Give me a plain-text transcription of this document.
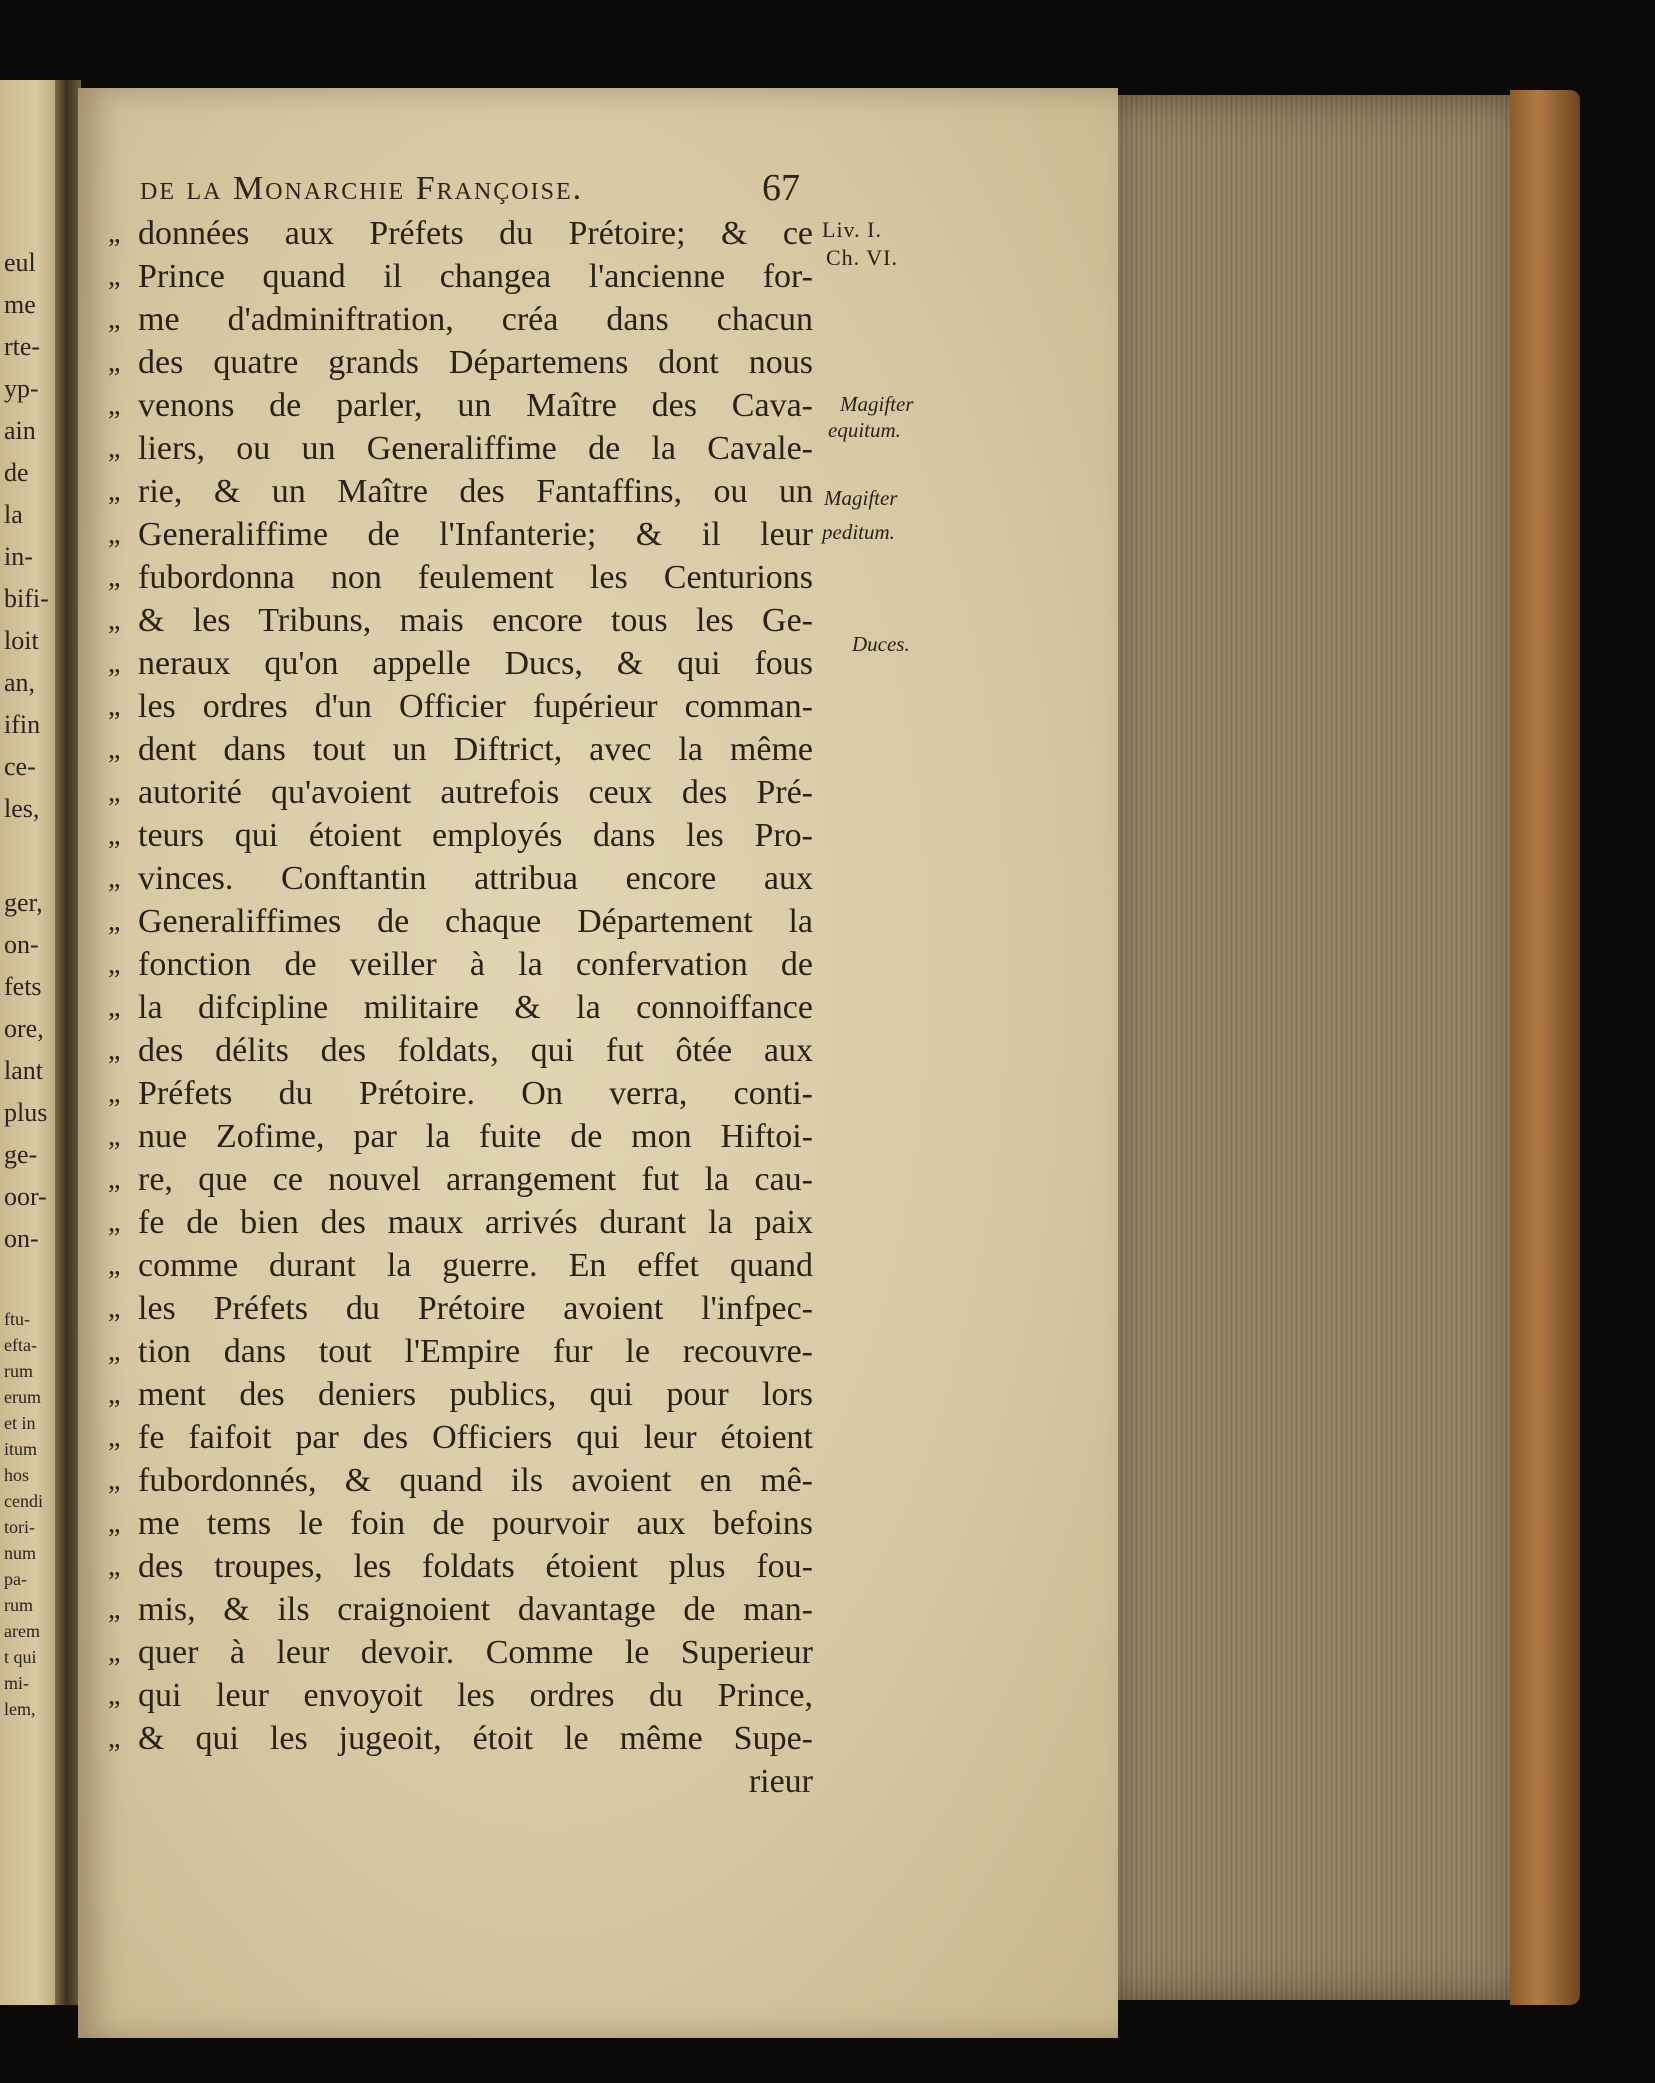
eul
me
rte-
yp-
ain
de
la
in-
bifi-
loit
an,
ifin
ce-
les,
ger,
on-
fets
ore,
lant
plus
ge-
oor-
on-
ftu-
efta-
rum
erum
et in
itum
hos
cendi
tori-
num
pa-
rum
arem
t qui
mi-
lem,
de la Monarchie Françoise.	67
„ données aux Préfets du Prétoire; & ce
„ Prince quand il changea l'ancienne for-
„ me d'adminiftration, créa dans chacun
„ des quatre grands Départemens dont nous
„ venons de parler, un Maître des Cava-
„ liers, ou un Generaliffime de la Cavale-
„ rie, & un Maître des Fantaffins, ou un
„ Generaliffime de l'Infanterie; & il leur
„ fubordonna non feulement les Centurions
„ & les Tribuns, mais encore tous les Ge-
„ neraux qu'on appelle Ducs, & qui fous
„ les ordres d'un Officier fupérieur comman-
„ dent dans tout un Diftrict, avec la même
„ autorité qu'avoient autrefois ceux des Pré-
„ teurs qui étoient employés dans les Pro-
„ vinces. Conftantin attribua encore aux
„ Generaliffimes de chaque Département la
„ fonction de veiller à la confervation de
„ la difcipline militaire & la connoiffance
„ des délits des foldats, qui fut ôtée aux
„ Préfets du Prétoire. On verra, conti-
„ nue Zofime, par la fuite de mon Hiftoi-
„ re, que ce nouvel arrangement fut la cau-
„ fe de bien des maux arrivés durant la paix
„ comme durant la guerre. En effet quand
„ les Préfets du Prétoire avoient l'infpec-
„ tion dans tout l'Empire fur le recouvre-
„ ment des deniers publics, qui pour lors
„ fe faifoit par des Officiers qui leur étoient
„ fubordonnés, & quand ils avoient en mê-
„ me tems le foin de pourvoir aux befoins
„ des troupes, les foldats étoient plus fou-
„ mis, & ils craignoient davantage de man-
„ quer à leur devoir. Comme le Superieur
„ qui leur envoyoit les ordres du Prince,
„ & qui les jugeoit, étoit le même Supe-
rieur
Liv. I.
Ch. VI.
Magifter
equitum.
Magifter
peditum.
Duces.
